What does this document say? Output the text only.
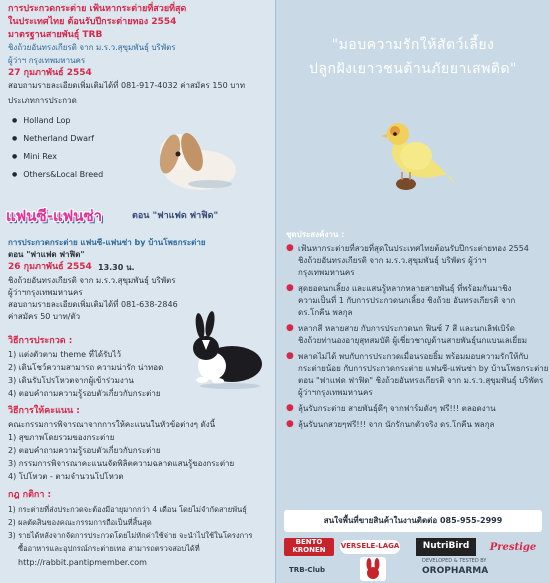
การประกวดกระต่าย เฟ้นหากระต่ายที่สวยที่สุด
ในประเทศไทย ต้อนรับปีกระต่ายทอง 2554
มาตรฐานสายพันธุ์ TRB
ชิงถ้วยอันทรงเกียรติ จาก ม.ร.ว.สุขุมพันธุ์ บริพัตร
ผู้ว่าฯ กรุงเทพมหานคร
27 กุมภาพันธ์ 2554
สอบถามรายละเอียดเพิ่มเติมได้ที่ 081-917-4032 ค่าสมัคร 150 บาท
ประเภทการประกวด
● Holland Lop
● Netherland Dwarf
● Mini Rex
● Others&Local Breed
แฟนซี-แฟนซ่า	ตอน "ฟาแฟด ฟาฟิด"
การประกวดกระต่าย แฟนซี-แฟนซ่า by บ้านโพธกระต่าย
ตอน "ฟาแฟด ฟาฟิด"
26 กุมภาพันธ์ 2554 13.30 น.
ชิงถ้วยอันทรงเกียรติ จาก ม.ร.ว.สุขุมพันธุ์ บริพัตร
ผู้ว่าฯกรุงเทพมหานคร
สอบถามรายละเอียดเพิ่มเติมได้ที่ 081-638-2846
ค่าสมัคร 50 บาท/ตัว
วิธีการประกวด :
1) แต่งตัวตาม theme ที่ได้รับไว้
2) เดินโชว์ความสามารถ ความน่ารัก น่าทอด
3) เดินรับโปรโหวตจากผู้เข้าร่วมงาน
4) ตอบคำถามความรู้รอบตัวเกี่ยวกับกระต่าย
วิธีการให้คะแนน :
คณะกรรมการพิจารณาจากการให้คะแนนในหัวข้อต่างๆ ดังนี้
1) สุขภาพโดยรวมของกระต่าย
2) ตอบคำถามความรู้รอบตัวเกี่ยวกับกระต่าย
3) กรรมการพิจารณาคะแนนจัดพิลิตความฉลาดแสนรู้ของกระต่าย
4) โปโหวต - ตามจำนวนโปโหวต
กฎ กติกา :
1) กระต่ายที่ส่งประกวดจะต้องมีอายุมากกว่า 4 เดือน โดยไม่จำกัดสายพันธุ์
2) ผลตัดสินของคณะกรรมการถือเป็นที่สิ้นสุด
3) รายได้หลังจากจัดการประกวดโดยไม่หักค่าใช้จ่าย จะนำไปใช้ในโครงการ
ซื้ออาหารและอุปกรณ์กระต่ายเทอ สามารถตรวจสอบได้ที่
http://rabbit.pantipmember.com
"มอบความรักให้สัตว์เลี้ยง
ปลูกฝังเยาวชนต้านภัยยาเสพติด"
ชุดประสงค์งาน :
● เฟ้นหากระต่ายที่สวยที่สุดในประเทศไทยต้อนรับปีกระต่ายทอง 2554
ชิงถ้วยอันทรงเกียรติ จาก ม.ร.ว.สุขุมพันธุ์ บริพัตร ผู้ว่าฯ
กรุงเทพมหานคร
● สุดยอดนกเลิ้ยง และแสนรู้หลากหลายสายพันธุ์ ที่พร้อมกันมาชิง
ความเป็นที่ 1 กับการประกวดนกเลิ้ยง ชิงถ้วย อันทรงเกียรติ จาก
ดร.โกคีน พลกุล
● หลากสี หลายสาย กับการประกวดนก ฟินซ์ 7 สี และนกเลิฟเบิร์ด
ชิงถ้วยท่านองอายุสุทสมบัติ ผู้เชี่ยวชาญด้านสายพันธุ์นกแบนเลเยี่ยม
● พลาดไม่ได้ พบกับการประกวดเมื่อนรอยยิ้ม พร้อมมอบความรักให้กับ
กระต่ายน้อย กับการประกวดกระต่าย แฟนซี-แฟนซ่า by บ้านโพธกระต่าย
ตอน "ฟาแฟด ฟาฟิด" ชิงถ้วยอันทรงเกียรติ จาก ม.ร.ว.สุขุมพันธุ์ บริพัตร
ผู้ว่าฯกรุงเทพมหานคร
● ลุ้นรับกระต่าย สายพันธุ์ดีๆ จากฟาร์มดังๆ ฟรี!!! ตลอดงาน
● ลุ้นรับนกสวยๆฟรี!!! จาก นักรักนกตัวจริง ดร.โกคีน พลกุล
สนใจพื้นที่ขายสินค้าในงานติดต่อ 085-955-2999
BENTO KRONEN	VERSELE-LAGA	NutriBird	Prestige
TRB-Club
DEVELOPED & TESTED BY
OROPHARMA
